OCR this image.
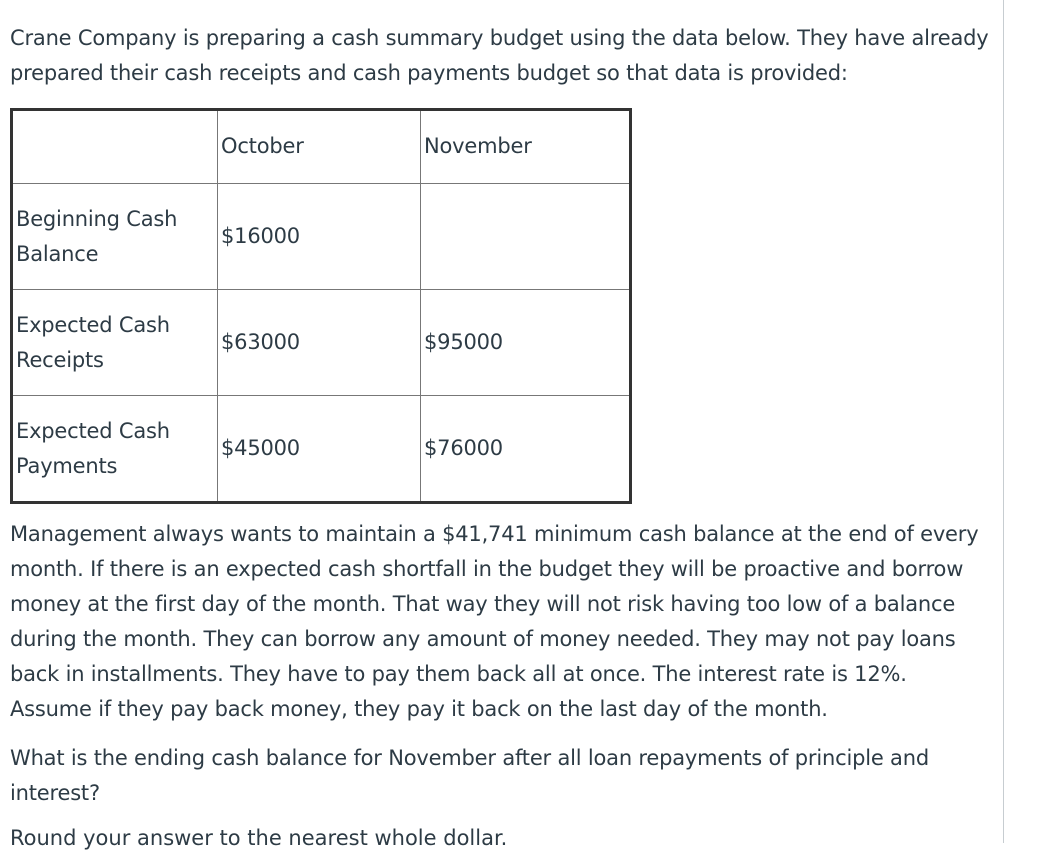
Crane Company is preparing a cash summary budget using the data below. They have already
prepared their cash receipts and cash payments budget so that data is provided:

	October	November

Beginning Cash
Balance	$16000	

Expected Cash
Receipts	$63000	$95000

Expected Cash
Payments	$45000	$76000
Management always wants to maintain a $41,741 minimum cash balance at the end of every
month. If there is an expected cash shortfall in the budget they will be proactive and borrow
money at the first day of the month. That way they will not risk having too low of a balance
during the month. They can borrow any amount of money needed. They may not pay loans
back in installments. They have to pay them back all at once. The interest rate is 12%.
Assume if they pay back money, they pay it back on the last day of the month.
What is the ending cash balance for November after all loan repayments of principle and
interest?
Round your answer to the nearest whole dollar.
